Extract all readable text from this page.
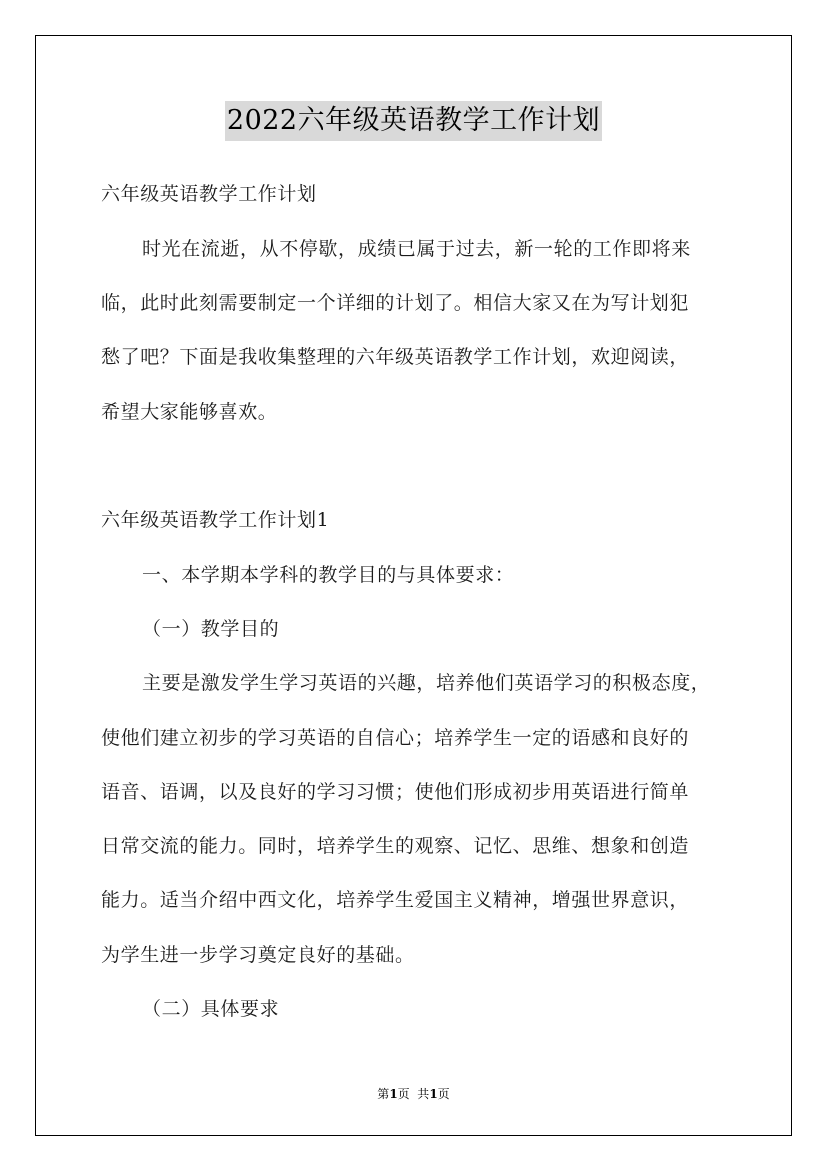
2022六年级英语教学工作计划
六年级英语教学工作计划
时光在流逝，从不停歇，成绩已属于过去，新一轮的工作即将来
临，此时此刻需要制定一个详细的计划了。相信大家又在为写计划犯
愁了吧？下面是我收集整理的六年级英语教学工作计划，欢迎阅读，
希望大家能够喜欢。
六年级英语教学工作计划1
一、本学期本学科的教学目的与具体要求：
（一）教学目的
主要是激发学生学习英语的兴趣，培养他们英语学习的积极态度，
使他们建立初步的学习英语的自信心；培养学生一定的语感和良好的
语音、语调，以及良好的学习习惯；使他们形成初步用英语进行简单
日常交流的能力。同时，培养学生的观察、记忆、思维、想象和创造
能力。适当介绍中西文化，培养学生爱国主义精神，增强世界意识，
为学生进一步学习奠定良好的基础。
（二）具体要求
第1页  共1页
